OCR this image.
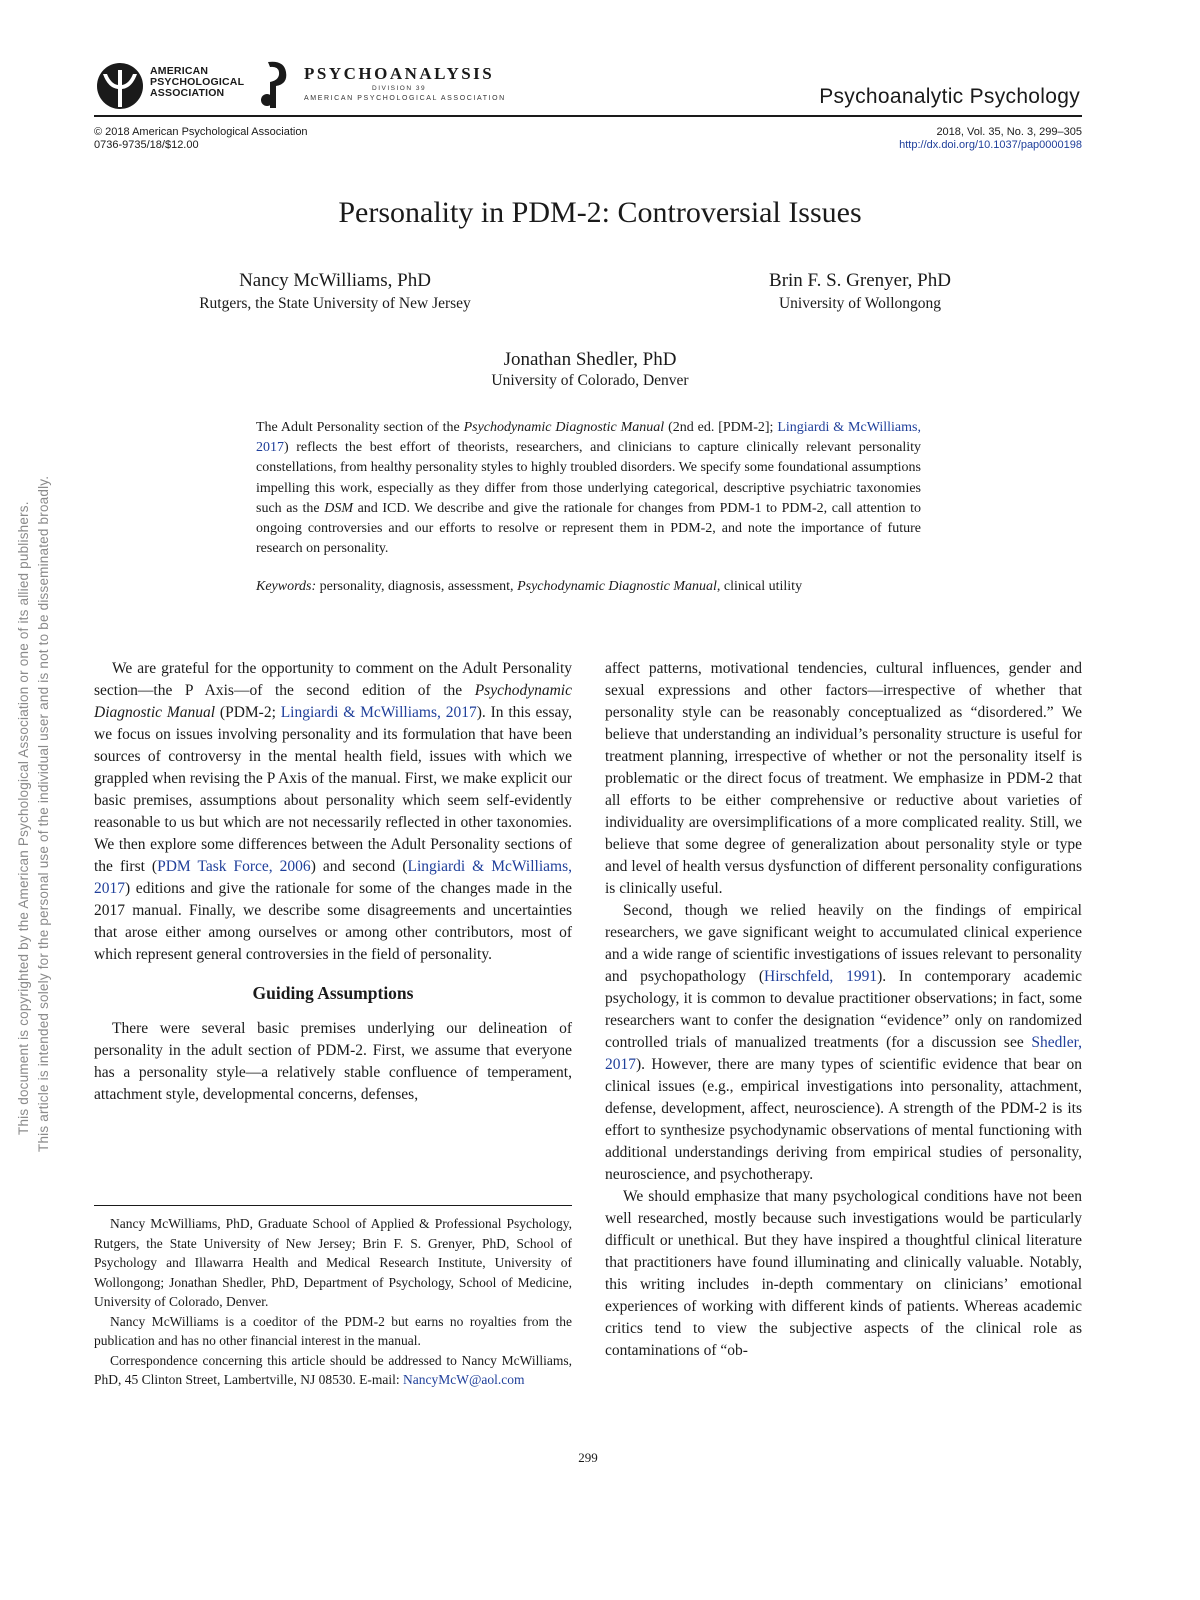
This document is copyrighted by the American Psychological Association or one of its allied publishers. This article is intended solely for the personal use of the individual user and is not to be disseminated broadly.
AMERICAN
PSYCHOLOGICAL
ASSOCIATION
PSYCHOANALYSIS
DIVISION 39
AMERICAN PSYCHOLOGICAL ASSOCIATION	Psychoanalytic Psychology
© 2018 American Psychological Association
0736-9735/18/$12.00
2018, Vol. 35, No. 3, 299–305
http://dx.doi.org/10.1037/pap0000198
Personality in PDM-2: Controversial Issues
Nancy McWilliams, PhD
Rutgers, the State University of New Jersey
Brin F. S. Grenyer, PhD
University of Wollongong
Jonathan Shedler, PhD
University of Colorado, Denver
The Adult Personality section of the Psychodynamic Diagnostic Manual (2nd ed. [PDM-2]; Lingiardi & McWilliams, 2017) reflects the best effort of theorists, researchers, and clinicians to capture clinically relevant personality constellations, from healthy personality styles to highly troubled disorders. We specify some foundational assumptions impelling this work, especially as they differ from those underlying categorical, descriptive psychiatric taxonomies such as the DSM and ICD. We describe and give the rationale for changes from PDM-1 to PDM-2, call attention to ongoing controversies and our efforts to resolve or represent them in PDM-2, and note the importance of future research on personality.
Keywords: personality, diagnosis, assessment, Psychodynamic Diagnostic Manual, clinical utility

We are grateful for the opportunity to comment on the Adult Personality section—the P Axis—of the second edition of the Psychodynamic Diagnostic Manual (PDM-2; Lingiardi & McWilliams, 2017). In this essay, we focus on issues involving personality and its formulation that have been sources of controversy in the mental health field, issues with which we grappled when revising the P Axis of the manual. First, we make explicit our basic premises, assumptions about personality which seem self-evidently reasonable to us but which are not necessarily reflected in other taxonomies. We then explore some differences between the Adult Personality sections of the first (PDM Task Force, 2006) and second (Lingiardi & McWilliams, 2017) editions and give the rationale for some of the changes made in the 2017 manual. Finally, we describe some disagreements and uncertainties that arose either among ourselves or among other contributors, most of which represent general controversies in the field of personality.

Guiding Assumptions

There were several basic premises underlying our delineation of personality in the adult section of PDM-2. First, we assume that everyone has a personality style—a relatively stable confluence of temperament, attachment style, developmental concerns, defenses,

Nancy McWilliams, PhD, Graduate School of Applied & Professional Psychology, Rutgers, the State University of New Jersey; Brin F. S. Grenyer, PhD, School of Psychology and Illawarra Health and Medical Research Institute, University of Wollongong; Jonathan Shedler, PhD, Department of Psychology, School of Medicine, University of Colorado, Denver.

Nancy McWilliams is a coeditor of the PDM-2 but earns no royalties from the publication and has no other financial interest in the manual.

Correspondence concerning this article should be addressed to Nancy McWilliams, PhD, 45 Clinton Street, Lambertville, NJ 08530. E-mail: NancyMcW@aol.com

affect patterns, motivational tendencies, cultural influences, gender and sexual expressions and other factors—irrespective of whether that personality style can be reasonably conceptualized as “disordered.” We believe that understanding an individual’s personality structure is useful for treatment planning, irrespective of whether or not the personality itself is problematic or the direct focus of treatment. We emphasize in PDM-2 that all efforts to be either comprehensive or reductive about varieties of individuality are oversimplifications of a more complicated reality. Still, we believe that some degree of generalization about personality style or type and level of health versus dysfunction of different personality configurations is clinically useful.

Second, though we relied heavily on the findings of empirical researchers, we gave significant weight to accumulated clinical experience and a wide range of scientific investigations of issues relevant to personality and psychopathology (Hirschfeld, 1991). In contemporary academic psychology, it is common to devalue practitioner observations; in fact, some researchers want to confer the designation “evidence” only on randomized controlled trials of manualized treatments (for a discussion see Shedler, 2017). However, there are many types of scientific evidence that bear on clinical issues (e.g., empirical investigations into personality, attachment, defense, development, affect, neuroscience). A strength of the PDM-2 is its effort to synthesize psychodynamic observations of mental functioning with additional understandings deriving from empirical studies of personality, neuroscience, and psychotherapy.

We should emphasize that many psychological conditions have not been well researched, mostly because such investigations would be particularly difficult or unethical. But they have inspired a thoughtful clinical literature that practitioners have found illuminating and clinically valuable. Notably, this writing includes in-depth commentary on clinicians’ emotional experiences of working with different kinds of patients. Whereas academic critics tend to view the subjective aspects of the clinical role as contaminations of “ob-

299
